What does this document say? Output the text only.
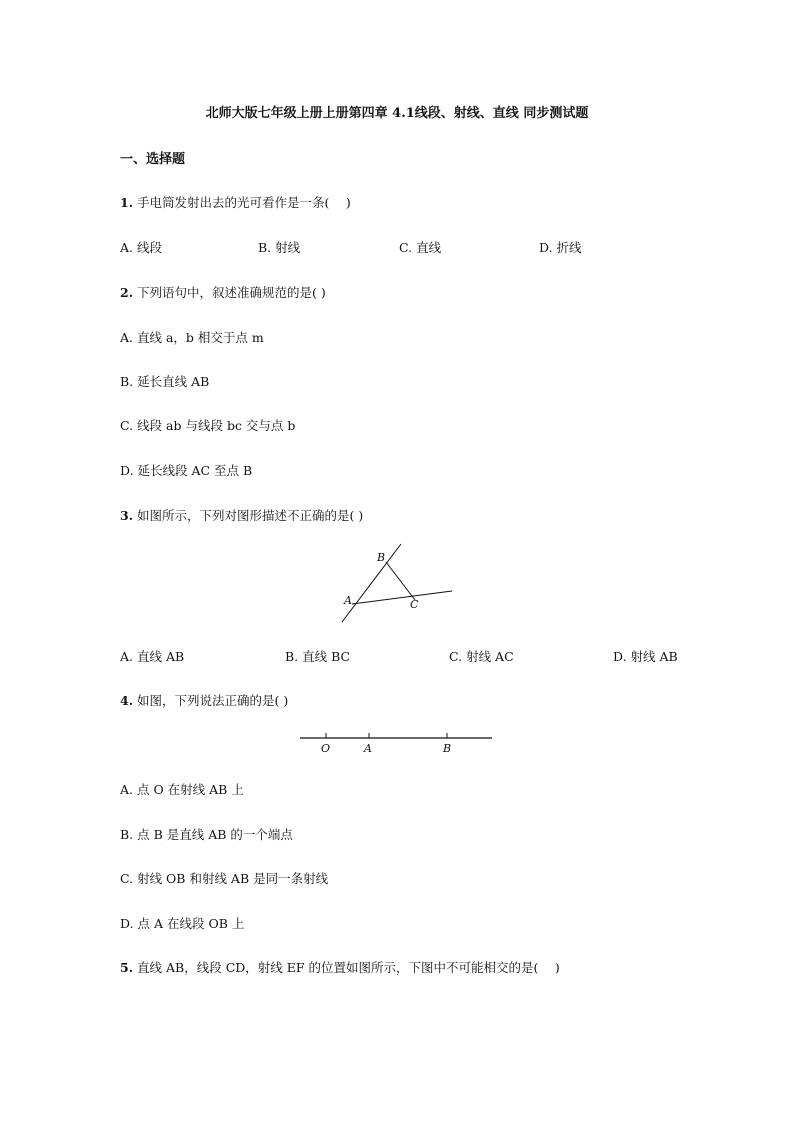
北师大版七年级上册上册第四章 4.1线段、射线、直线 同步测试题
一、选择题
1. 手电筒发射出去的光可看作是一条(　 )
A. 线段	B. 射线	C. 直线	D. 折线
2. 下列语句中，叙述准确规范的是( )
A. 直线 a，b 相交于点 m
B. 延长直线 AB
C. 线段 ab 与线段 bc 交与点 b
D. 延长线段 AC 至点 B
3. 如图所示，下列对图形描述不正确的是( )
B
A	C
A. 直线 AB	B. 直线 BC	C. 射线 AC	D. 射线 AB
4. 如图，下列说法正确的是( )
O	A	B
A. 点 O 在射线 AB 上
B. 点 B 是直线 AB 的一个端点
C. 射线 OB 和射线 AB 是同一条射线
D. 点 A 在线段 OB 上
5. 直线 AB，线段 CD，射线 EF 的位置如图所示，下图中不可能相交的是(　 )
